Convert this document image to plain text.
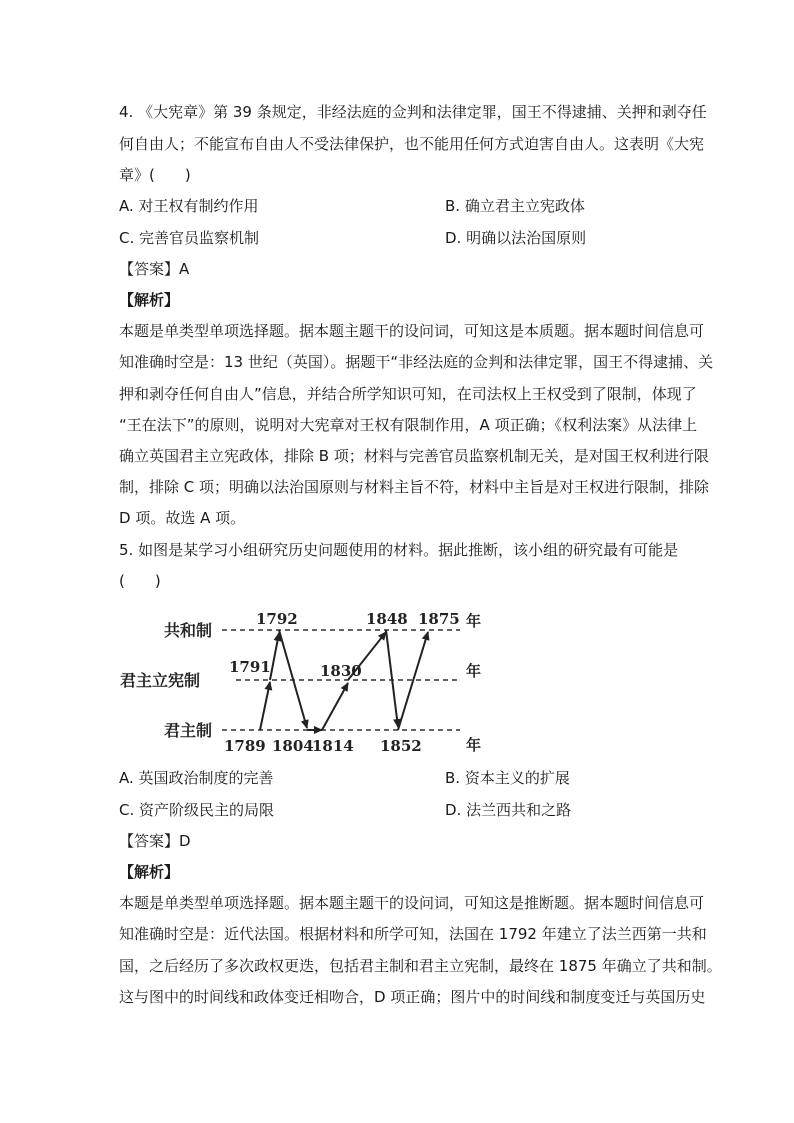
4. 《大宪章》第 39 条规定，非经法庭的佥判和法律定罪，国王不得逮捕、关押和剥夺任
何自由人；不能宣布自由人不受法律保护，也不能用任何方式迫害自由人。这表明《大宪
章》(　　)
A. 对王权有制约作用	B. 确立君主立宪政体
C. 完善官员监察机制	D. 明确以法治国原则
【答案】A
【解析】
本题是单类型单项选择题。据本题主题干的设问词，可知这是本质题。据本题时间信息可
知准确时空是：13 世纪（英国）。据题干“非经法庭的佥判和法律定罪，国王不得逮捕、关
押和剥夺任何自由人”信息，并结合所学知识可知，在司法权上王权受到了限制，体现了
“王在法下”的原则，说明对大宪章对王权有限制作用，A 项正确；《权利法案》从法律上
确立英国君主立宪政体，排除 B 项；材料与完善官员监察机制无关，是对国王权利进行限
制，排除 C 项；明确以法治国原则与材料主旨不符，材料中主旨是对王权进行限制，排除
D 项。故选 A 项。
5. 如图是某学习小组研究历史问题使用的材料。据此推断，该小组的研究最有可能是
(　　)
共和制
君主立宪制
君主制
年
年
年
1789
1791
1792
1804
1814
1830
1848
1852
1875
A. 英国政治制度的完善	B. 资本主义的扩展
C. 资产阶级民主的局限	D. 法兰西共和之路
【答案】D
【解析】
本题是单类型单项选择题。据本题主题干的设问词，可知这是推断题。据本题时间信息可
知准确时空是：近代法国。根据材料和所学可知，法国在 1792 年建立了法兰西第一共和
国，之后经历了多次政权更迭，包括君主制和君主立宪制，最终在 1875 年确立了共和制。
这与图中的时间线和政体变迁相吻合，D 项正确；图片中的时间线和制度变迁与英国历史
